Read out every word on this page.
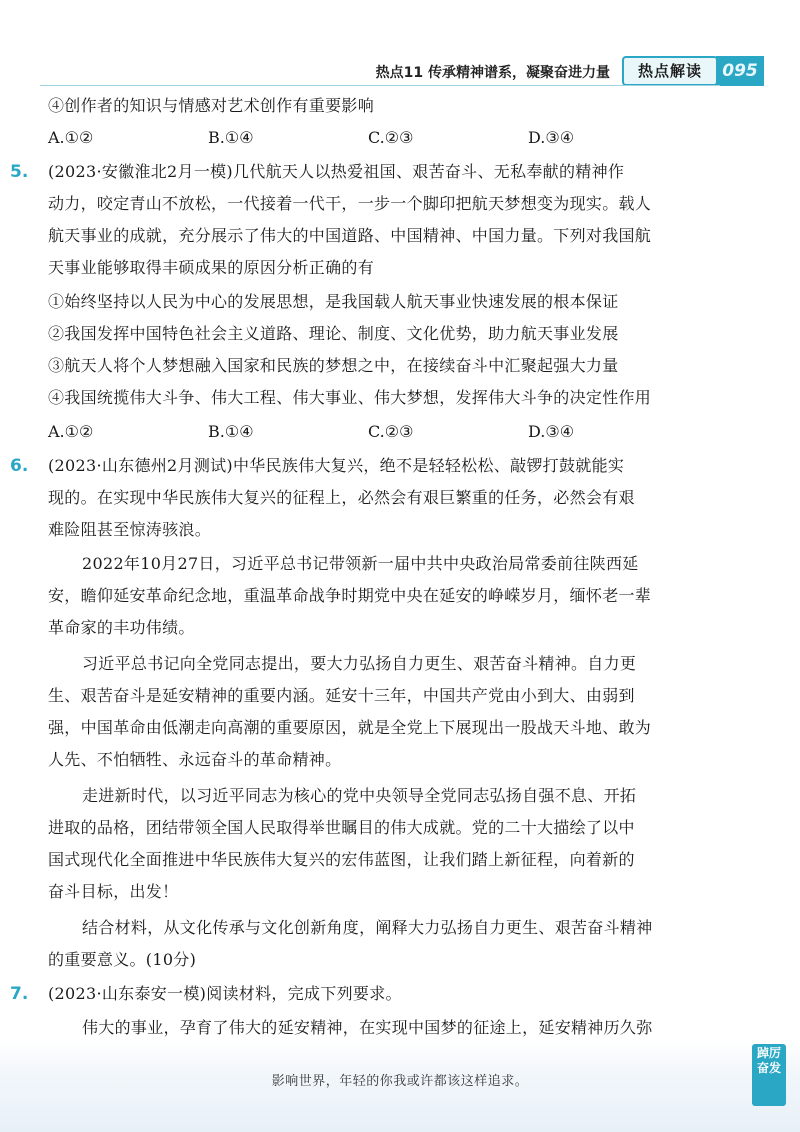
热点11 传承精神谱系，凝聚奋进力量	热点解读	095
④创作者的知识与情感对艺术创作有重要影响
A.①②	B.①④	C.②③	D.③④
5.	(2023·安徽淮北2月一模)几代航天人以热爱祖国、艰苦奋斗、无私奉献的精神作
动力，咬定青山不放松，一代接着一代干，一步一个脚印把航天梦想变为现实。载人
航天事业的成就，充分展示了伟大的中国道路、中国精神、中国力量。下列对我国航
天事业能够取得丰硕成果的原因分析正确的有
①始终坚持以人民为中心的发展思想，是我国载人航天事业快速发展的根本保证
②我国发挥中国特色社会主义道路、理论、制度、文化优势，助力航天事业发展
③航天人将个人梦想融入国家和民族的梦想之中，在接续奋斗中汇聚起强大力量
④我国统揽伟大斗争、伟大工程、伟大事业、伟大梦想，发挥伟大斗争的决定性作用
A.①②	B.①④	C.②③	D.③④
6.	(2023·山东德州2月测试)中华民族伟大复兴，绝不是轻轻松松、敲锣打鼓就能实
现的。在实现中华民族伟大复兴的征程上，必然会有艰巨繁重的任务，必然会有艰
难险阻甚至惊涛骇浪。
2022年10月27日，习近平总书记带领新一届中共中央政治局常委前往陕西延
安，瞻仰延安革命纪念地，重温革命战争时期党中央在延安的峥嵘岁月，缅怀老一辈
革命家的丰功伟绩。
习近平总书记向全党同志提出，要大力弘扬自力更生、艰苦奋斗精神。自力更
生、艰苦奋斗是延安精神的重要内涵。延安十三年，中国共产党由小到大、由弱到
强，中国革命由低潮走向高潮的重要原因，就是全党上下展现出一股战天斗地、敢为
人先、不怕牺牲、永远奋斗的革命精神。
走进新时代，以习近平同志为核心的党中央领导全党同志弘扬自强不息、开拓
进取的品格，团结带领全国人民取得举世瞩目的伟大成就。党的二十大描绘了以中
国式现代化全面推进中华民族伟大复兴的宏伟蓝图，让我们踏上新征程，向着新的
奋斗目标，出发！
结合材料，从文化传承与文化创新角度，阐释大力弘扬自力更生、艰苦奋斗精神
的重要意义。(10分)
7.	(2023·山东泰安一模)阅读材料，完成下列要求。
伟大的事业，孕育了伟大的延安精神，在实现中国梦的征途上，延安精神历久弥
影响世界，年轻的你我或许都该这样追求。
踔厉奋发
